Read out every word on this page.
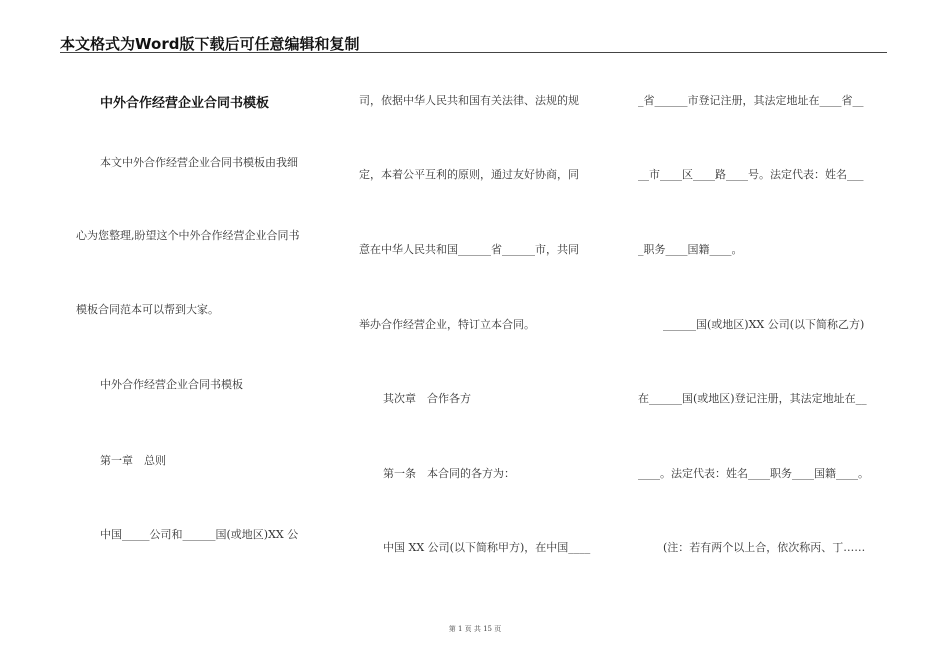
本文格式为Word版下载后可任意编辑和复制
中外合作经营企业合同书模板
本文中外合作经营企业合同书模板由我细
心为您整理,盼望这个中外合作经营企业合同书
模板合同范本可以帮到大家。
中外合作经营企业合同书模板
第一章　总则
中国_____公司和______国(或地区)XX 公
司，依据中华人民共和国有关法律、法规的规
定，本着公平互利的原则，通过友好协商，同
意在中华人民共和国______省______市，共同
举办合作经营企业，特订立本合同。
其次章　合作各方
第一条　本合同的各方为：
中国 XX 公司(以下简称甲方)，在中国____
_省______市登记注册，其法定地址在____省__
__市____区____路____号。法定代表：姓名___
_职务____国籍____。
______国(或地区)XX 公司(以下简称乙方)
在______国(或地区)登记注册，其法定地址在__
____。法定代表：姓名____职务____国籍____。
(注：若有两个以上合，依次称丙、丁……
第 1 页 共 15 页
